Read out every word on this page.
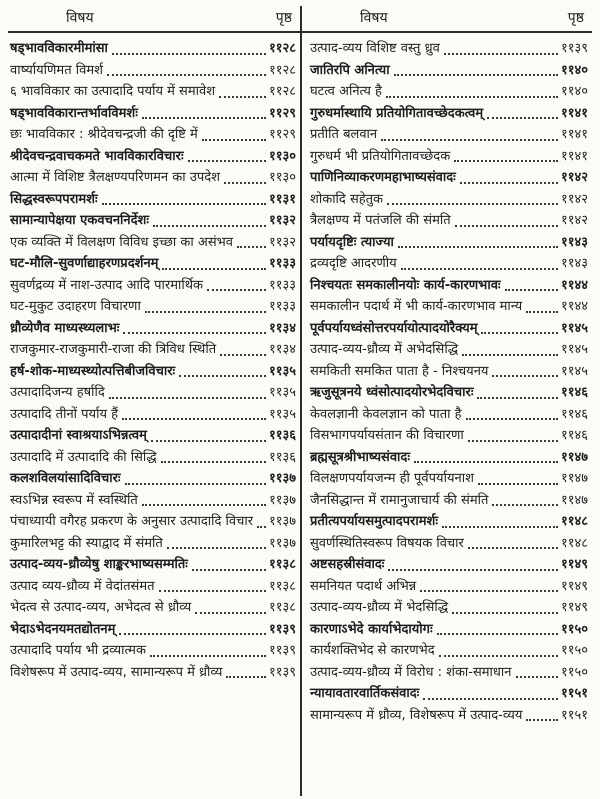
विषय	पृष्ठ	विषय	पृष्ठ
षड्भावविकारमीमांसा	११२८
वार्ष्यायणिमत विमर्श	११२८
६ भावविकार का उत्पादादि पर्याय में समावेश	११२८
षड्भावविकारान्तर्भावविमर्शः	११२९
छः भावविकार : श्रीदेवचन्द्रजी की दृष्टि में	११२९
श्रीदेवचन्द्रवाचकमते भावविकारविचारः	११३०
आत्मा में विशिष्ट त्रैलक्षण्यपरिणमन का उपदेश	११३०
सिद्धस्वरूपपरामर्शः	११३१
सामान्यापेक्षया एकवचननिर्देशः	११३२
एक व्यक्ति में विलक्षण विविध इच्छा का असंभव	११३२
घट-मौलि-सुवर्णाद्याहरणप्रदर्शनम्	११३३
सुवर्णद्रव्य में नाश-उत्पाद आदि पारमार्थिक	११३३
घट-मुकुट उदाहरण विचारणा	११३३
ध्रौव्येणैव माध्यस्थ्यलाभः	११३४
राजकुमार-राजकुमारी-राजा की त्रिविध स्थिति	११३४
हर्ष-शोक-माध्यस्थ्योत्पत्तिबीजविचारः	११३५
उत्पादादिजन्य हर्षादि	११३५
उत्पादादि तीनों पर्याय हैं	११३५
उत्पादादीनां स्वाश्रयाऽभिन्नत्वम्	११३६
उत्पादादि में उत्पादादि की सिद्धि	११३६
कलशविलयांसादिविचारः	११३७
स्वऽभिन्न स्वरूप में स्वस्थिति	११३७
पंचाध्यायी वगैरह प्रकरण के अनुसार उत्पादादि विचार ११३७
कुमारिलभट्ट की स्याद्वाद में संमति	११३७
उत्पाद-व्यय-ध्रौव्येषु शाङ्करभाष्यसम्मतिः	११३८
उत्पाद व्यय-ध्रौव्य में वेदांतसंमत	११३८
भेदत्व से उत्पाद-व्यय, अभेदत्व से ध्रौव्य	११३८
भेदाऽभेदनयमतद्योतनम्	११३९
उत्पादादि पर्याय भी द्रव्यात्मक	११३९
विशेषरूप में उत्पाद-व्यय, सामान्यरूप में ध्रौव्य	११३९
उत्पाद-व्यय विशिष्ट वस्तु ध्रुव	११३९
जातिरपि अनित्या	११४०
घटत्व अनित्य है	११४०
गुरुधर्मास्थायि प्रतियोगितावच्छेदकत्वम्	११४१
प्रतीति बलवान	११४१
गुरुधर्म भी प्रतियोगितावच्छेदक	११४१
पाणिनिव्याकरणमहाभाष्यसंवादः	११४२
शोकादि सहेतुक	११४२
त्रैलक्षण्य में पतंजलि की संमति	११४२
पर्यायदृष्टिः त्याज्या	११४३
द्रव्यदृष्टि आदरणीय	११४३
निश्चयतः समकालीनयोः कार्य-कारणभावः	११४४
समकालीन पदार्थ में भी कार्य-कारणभाव मान्य	११४४
पूर्वपर्यायध्वंसोत्तरपर्यायोत्पादयोरैक्यम्	११४५
उत्पाद-व्यय-ध्रौव्य में अभेदसिद्धि	११४५
समकिती समकित पाता है - निश्चयनय	११४५
ऋजुसूत्रनये ध्वंसोत्पादयोरभेदविचारः	११४६
केवलज्ञानी केवलज्ञान को पाता है	११४६
विसभागपर्यायसंतान की विचारणा	११४६
ब्रह्मसूत्रश्रीभाष्यसंवादः	११४७
विलक्षणपर्यायजन्म ही पूर्वपर्यायनाश	११४७
जैनसिद्धान्त में रामानुजाचार्य की संमति	११४७
प्रतीत्यपर्यायसमुत्पादपरामर्शः	११४८
सुवर्णस्थितिस्वरूप विषयक विचार	११४८
अष्टसहस्रीसंवादः	११४९
समनियत पदार्थ अभिन्न	११४९
उत्पाद-व्यय-ध्रौव्य में भेदसिद्धि	११४९
कारणाऽभेदे कार्याभेदायोगः	११५०
कार्यशक्तिभेद से कारणभेद	११५०
उत्पाद-व्यय-ध्रौव्य में विरोध : शंका-समाधान	११५०
न्यायावतारवार्तिकसंवादः	११५१
सामान्यरूप में ध्रौव्य, विशेषरूप में उत्पाद-व्यय	११५१
